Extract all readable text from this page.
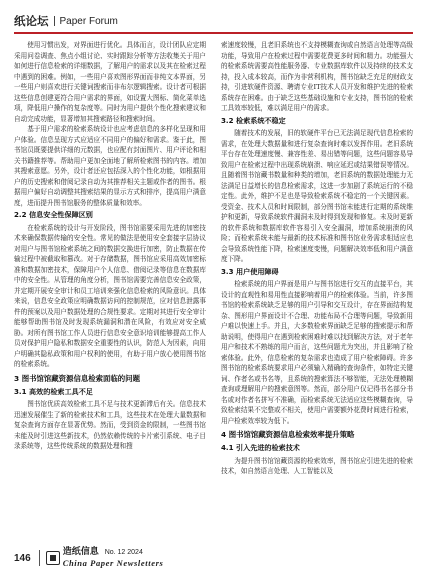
纸论坛 Paper Forum

使用习惯出发，对界面进行优化。具体而言，设计团队应定期采用问卷调查、焦点小组讨论、实时跟踪分析等方法收集关于用户如何进行信息检索的详细数据，了解用户的需求以及其在检索过程中遇到的困难。例如，一些用户喜欢图形界面而非纯文本界面，另一些用户则喜欢进行关键词搜索而非布尔逻辑搜索。设计者可根据这些信息创建更符合用户需求的界面，如设置大图标、简化菜单选项，降低用户操作的复杂度等。同时为用户提供个性化搜索建议和自动完成功能，显著增加其搜索路径和搜索时间。

基于用户需求的检索系统设计也应考虑信息的多样化呈现和用户体验。信息呈现方式应适应不同用户的偏好和需求。鉴于此，图书馆员既要提供详细的元数据，也应配有封面图片、用户评论和相关书籍推荐等。帮助用户更加全面地了解所检索图书的内容。增加其搜索意愿。另外，设计者还应包括深入的个性化功能，如根据用户的历史搜索和借阅记录自动为其推荐相关主题或作者的图书。根据用户偏好自动调整其搜索结果的显示方式和排序，提高用户满意度，进而提升图书馆服务的整体质量和效率。

2.2 信息安全性保障区别

在检索系统的设计与开发阶段，图书馆需要采用先进的加密技术来确保数据传输的安全性。常见的做法是使用安全套接字层协议对用户与图书馆检索系统之间的数据交换进行加密，防止数据在传输过程中被截取和篡改。对于存储数据，图书馆应采用高效加密标准和数据加密技术，保障用户个人信息、借阅记录等信息在数据库中的安全性。从管理的角度分析，图书馆需要完善信息安全政策，并定期开展安全审计和员工培训来强化信息检索的风险意识。具体来说，信息安全政策应明确数据访问的控制规范，应对信息泄露事件的预案以及用户数据处理的合规性要求。定期对其进行安全审计能够帮助图书馆及时发现系统漏洞和潜在风险，有效应对安全威胁。对所有图书馆工作人员进行信息安全意识培训能够提高工作人员对保护用户隐私和数据安全重要性的认识，防范人为因素，向用户明确其隐私政策和用户权利的使用，有助于用户放心使用图书馆的检索系统。

3 图书馆馆藏资源信息检索面临的问题
3.1 高效的检索工具不足

图书馆优质高效检索工具不足与技术更新滞后有关。信息技术迅速发展催生了新的检索技术和工具，这些技术在处理大量数据和复杂查询方面存在显著优势。然而，受到资金的限制，一些图书馆未能及时引进这些新技术，仍然依赖传统的卡片索引系统、电子目录系统等，这些传统系统的数据处理和搜

索速度较慢，且老旧系统也不支持模糊查询或自然语言处理等高级功能，导致用户在检索过程中需要花费更多时间和精力。功能强大的检索系统需要高性能服务器、专业数据库软件以及持续的技术支持，投入成本较高，而作为非营利机构，图书馆缺乏充足的财政支持，引进软硬件资源、聘请专业IT技术人员开发和维护先进的检索系统存在困难。由于缺乏这些基础设施和专业支持，图书馆的检索工具效率较低，难以满足用户的需求。

3.2 检索系统不稳定

随着技术的发展，旧的软硬件平台已无法满足现代信息检索的需求，在处理大数据量和进行复杂查询时难以发挥作用。老旧系统平台存在处理速度慢、兼容性差、易出错等问题，这些问题容易导致用户在检索过程中出现系统崩溃、响应延迟或结果错误等情况。且随着图书馆藏书数量和种类的增加，老旧系统的数据处理能力无法满足日益增长的信息检索需求，这进一步加剧了系统运行的不稳定性。此外，维护不足也是导致检索系统不稳定的一个关键因素。受资金、技术人员和时间限制，部分图书馆未能进行定期的系统维护和更新，导致系统软件漏洞未及时得到发现和修复。未及时更新的软件系统和数据库软件容易引入安全漏洞，增加系统崩溃的风险；而检索系统未能与最新的技术标准和图书馆业务需求相适应也会导致系统性能下降，检索速度变慢，问题解决效率低和用户满意度下降。

3.3 用户使用障碍

检索系统的用户界面是用户与图书馆进行交互的直接平台，其设计的直观性和易用性直接影响着用户的检索体验。当前，许多图书馆的检索系统缺乏足够的用户引导和交互设计，存在界面结构复杂、图形用户界面设计不合理、功能布局不合理等问题，导致新用户难以快速上手。并且，大多数检索界面缺乏足够的搜索提示和帮助说明，使得用户在遇到检索困难时难以找到解决方法，对于老年用户和技术不熟练的用户而言，这些问题尤为突出，并且影响了检索体验。此外，信息检索的复杂需求也造成了用户检索障碍。许多图书馆的检索系统要求用户必须输入精确的查询条件，如特定关键词、作者名或书名等，且系统的搜索算法不够智能，无法处理模糊查询或理解用户的搜索意图等。然而，部分用户仅记得书名部分书名或对作者名拼写不准确，而检索系统无法适应这些模糊查询，导致检索结果不完整或不相关，使用户需要额外花费时间进行检索，用户检索效率较为低下。

4 图书馆馆藏资源信息检索效率提升策略
4.1 引入先进的检索技术

为提升图书馆馆藏资源的检索效率，图书馆应引进先进的检索技术，如自然语言处理、人工智能以及

146
造纸信息 No. 12 2024
China Paper Newsletters
